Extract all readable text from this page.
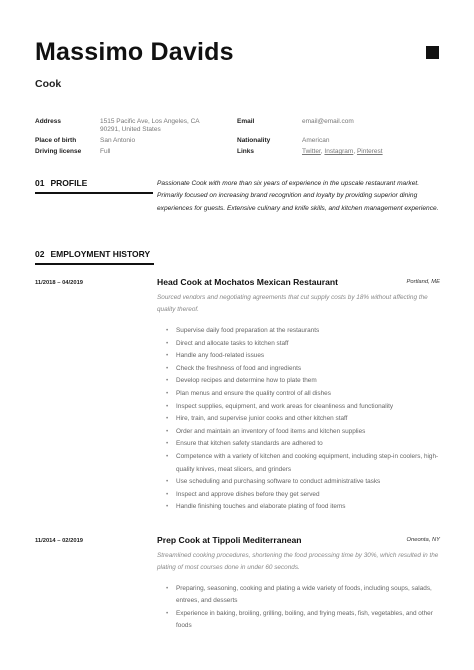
Massimo Davids
Cook
Address	1515 Pacific Ave, Los Angeles, CA
90291, United States
Email	email@email.com
Place of birth	San Antonio	Nationality	American
Driving license	Full	Links	Twitter, Instagram, Pinterest
01 PROFILE	Passionate Cook with more than six years of experience in the upscale restaurant market. Primarily focused on increasing brand recognition and loyalty by providing superior dining experiences for guests. Extensive culinary and knife skills, and kitchen management experience.
02 EMPLOYMENT HISTORY
11/2018 – 04/2019	Head Cook at Mochatos Mexican Restaurant	Portland, ME
Sourced vendors and negotiating agreements that cut supply costs by 18% without affecting the quality thereof.
• Supervise daily food preparation at the restaurants
• Direct and allocate tasks to kitchen staff
• Handle any food-related issues
• Check the freshness of food and ingredients
• Develop recipes and determine how to plate them
• Plan menus and ensure the quality control of all dishes
• Inspect supplies, equipment, and work areas for cleanliness and functionality
• Hire, train, and supervise junior cooks and other kitchen staff
• Order and maintain an inventory of food items and kitchen supplies
• Ensure that kitchen safety standards are adhered to
• Competence with a variety of kitchen and cooking equipment, including step-in coolers, high-quality knives, meat slicers, and grinders
• Use scheduling and purchasing software to conduct administrative tasks
• Inspect and approve dishes before they get served
• Handle finishing touches and elaborate plating of food items
11/2014 – 02/2019	Prep Cook at Tippoli Mediterranean	Oneonta, NY
Streamlined cooking procedures, shortening the food processing time by 30%, which resulted in the plating of most courses done in under 60 seconds.
• Preparing, seasoning, cooking and plating a wide variety of foods, including soups, salads, entrees, and desserts
• Experience in baking, broiling, grilling, boiling, and frying meats, fish, vegetables, and other foods
